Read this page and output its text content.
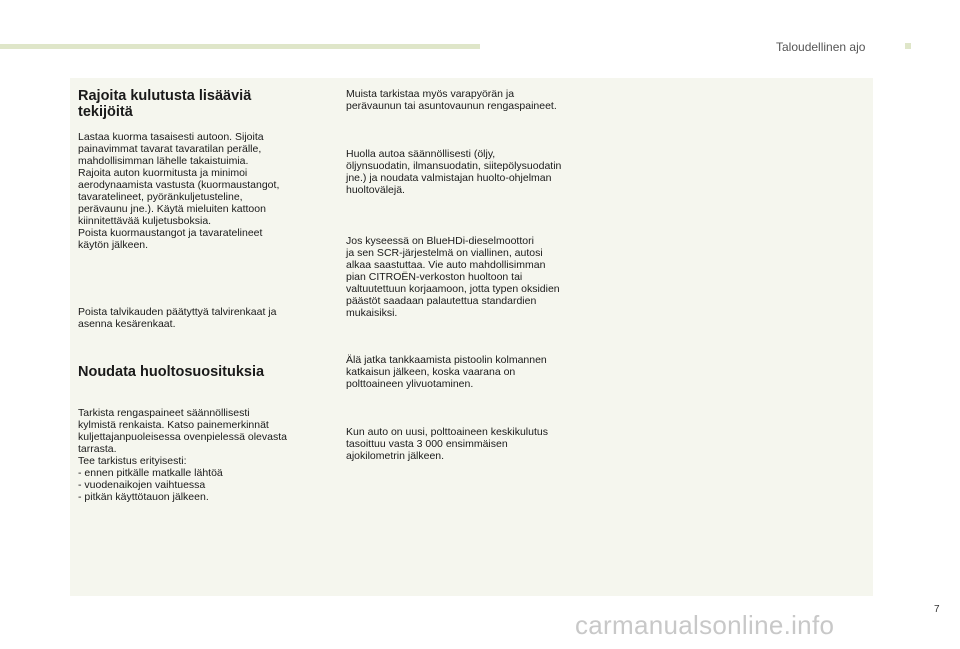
Taloudellinen ajo
Rajoita kulutusta lisääviä
tekijöitä

Lastaa kuorma tasaisesti autoon. Sijoita
painavimmat tavarat tavaratilan perälle,
mahdollisimman lähelle takaistuimia.
Rajoita auton kuormitusta ja minimoi
aerodynaamista vastusta (kuormaustangot,
tavaratelineet, pyöränkuljetusteline,
perävaunu jne.). Käytä mieluiten kattoon
kiinnitettävää kuljetusboksia.
Poista kuormaustangot ja tavaratelineet
käytön jälkeen.

Poista talvikauden päätyttyä talvirenkaat ja
asenna kesärenkaat.

Noudata huoltosuosituksia

Tarkista rengaspaineet säännöllisesti
kylmistä renkaista. Katso painemerkinnät
kuljettajanpuoleisessa ovenpielessä olevasta
tarrasta.
Tee tarkistus erityisesti:
- ennen pitkälle matkalle lähtöä
- vuodenaikojen vaihtuessa
- pitkän käyttötauon jälkeen.

Muista tarkistaa myös varapyörän ja
perävaunun tai asuntovaunun rengaspaineet.

Huolla autoa säännöllisesti (öljy,
öljynsuodatin, ilmansuodatin, siitepölysuodatin
jne.) ja noudata valmistajan huolto-ohjelman
huoltovälejä.

Jos kyseessä on BlueHDi-dieselmoottori
ja sen SCR-järjestelmä on viallinen, autosi
alkaa saastuttaa. Vie auto mahdollisimman
pian CITROËN-verkoston huoltoon tai
valtuutettuun korjaamoon, jotta typen oksidien
päästöt saadaan palautettua standardien
mukaisiksi.

Älä jatka tankkaamista pistoolin kolmannen
katkaisun jälkeen, koska vaarana on
polttoaineen ylivuotaminen.

Kun auto on uusi, polttoaineen keskikulutus
tasoittuu vasta 3 000 ensimmäisen
ajokilometrin jälkeen.

7
carmanualsonline.info
